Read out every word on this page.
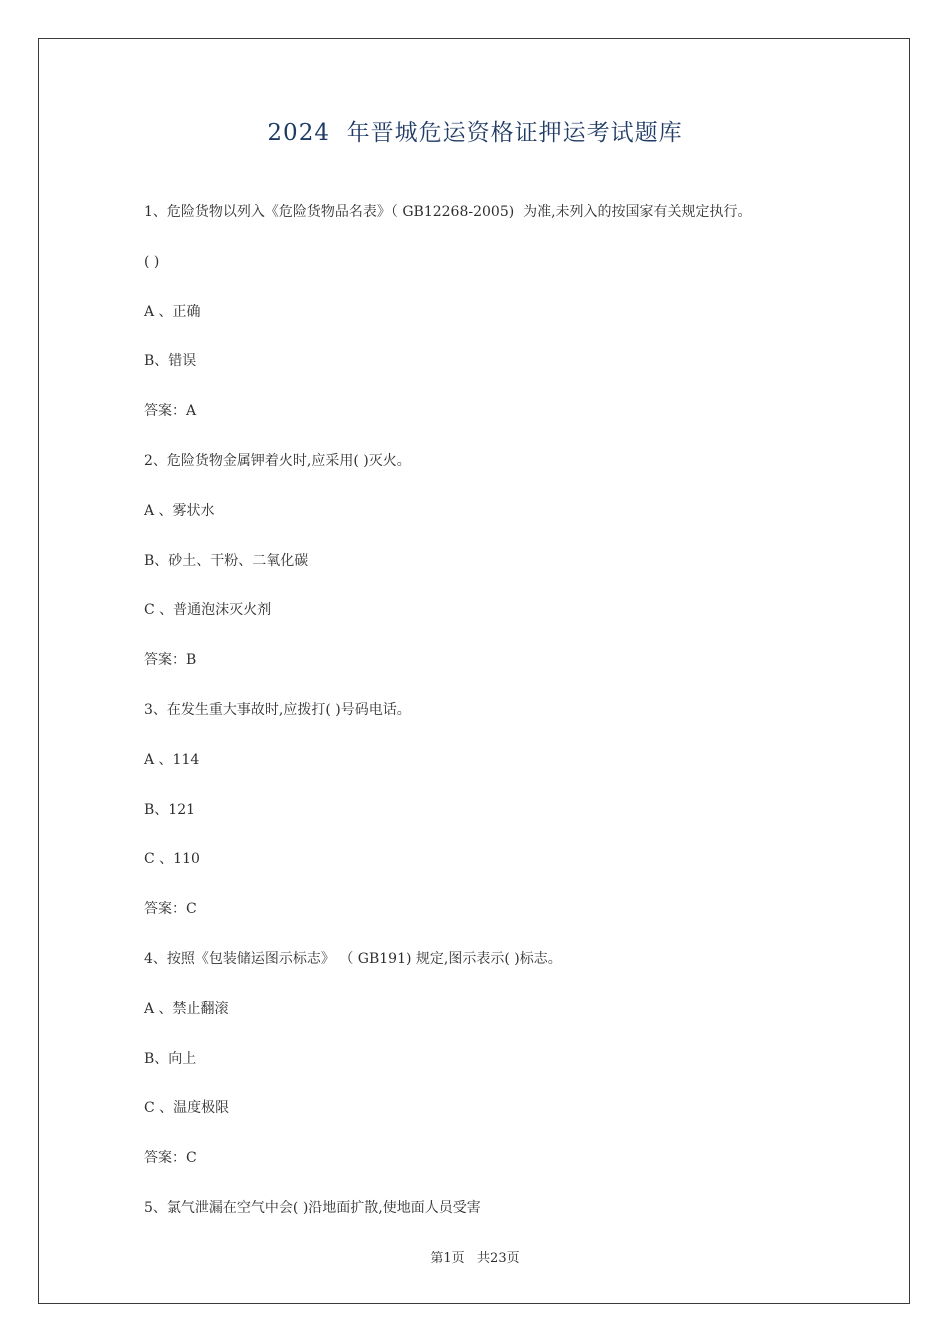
2024  年晋城危运资格证押运考试题库
1、危险货物以列入《危险货物品名表》（ GB12268-2005)  为准,未列入的按国家有关规定执行。
( )
A 、正确
B、错误
答案：A
2、危险货物金属钾着火时,应采用( )灭火。
A 、雾状水
B、砂土、干粉、二氧化碳
C 、普通泡沫灭火剂
答案：B
3、在发生重大事故时,应拨打( )号码电话。
A 、114
B、121
C 、110
答案：C
4、按照《包装储运图示标志》 （ GB191) 规定,图示表示( )标志。
A 、禁止翻滚
B、向上
C 、温度极限
答案：C
5、氯气泄漏在空气中会( )沿地面扩散,使地面人员受害
第1页   共23页
